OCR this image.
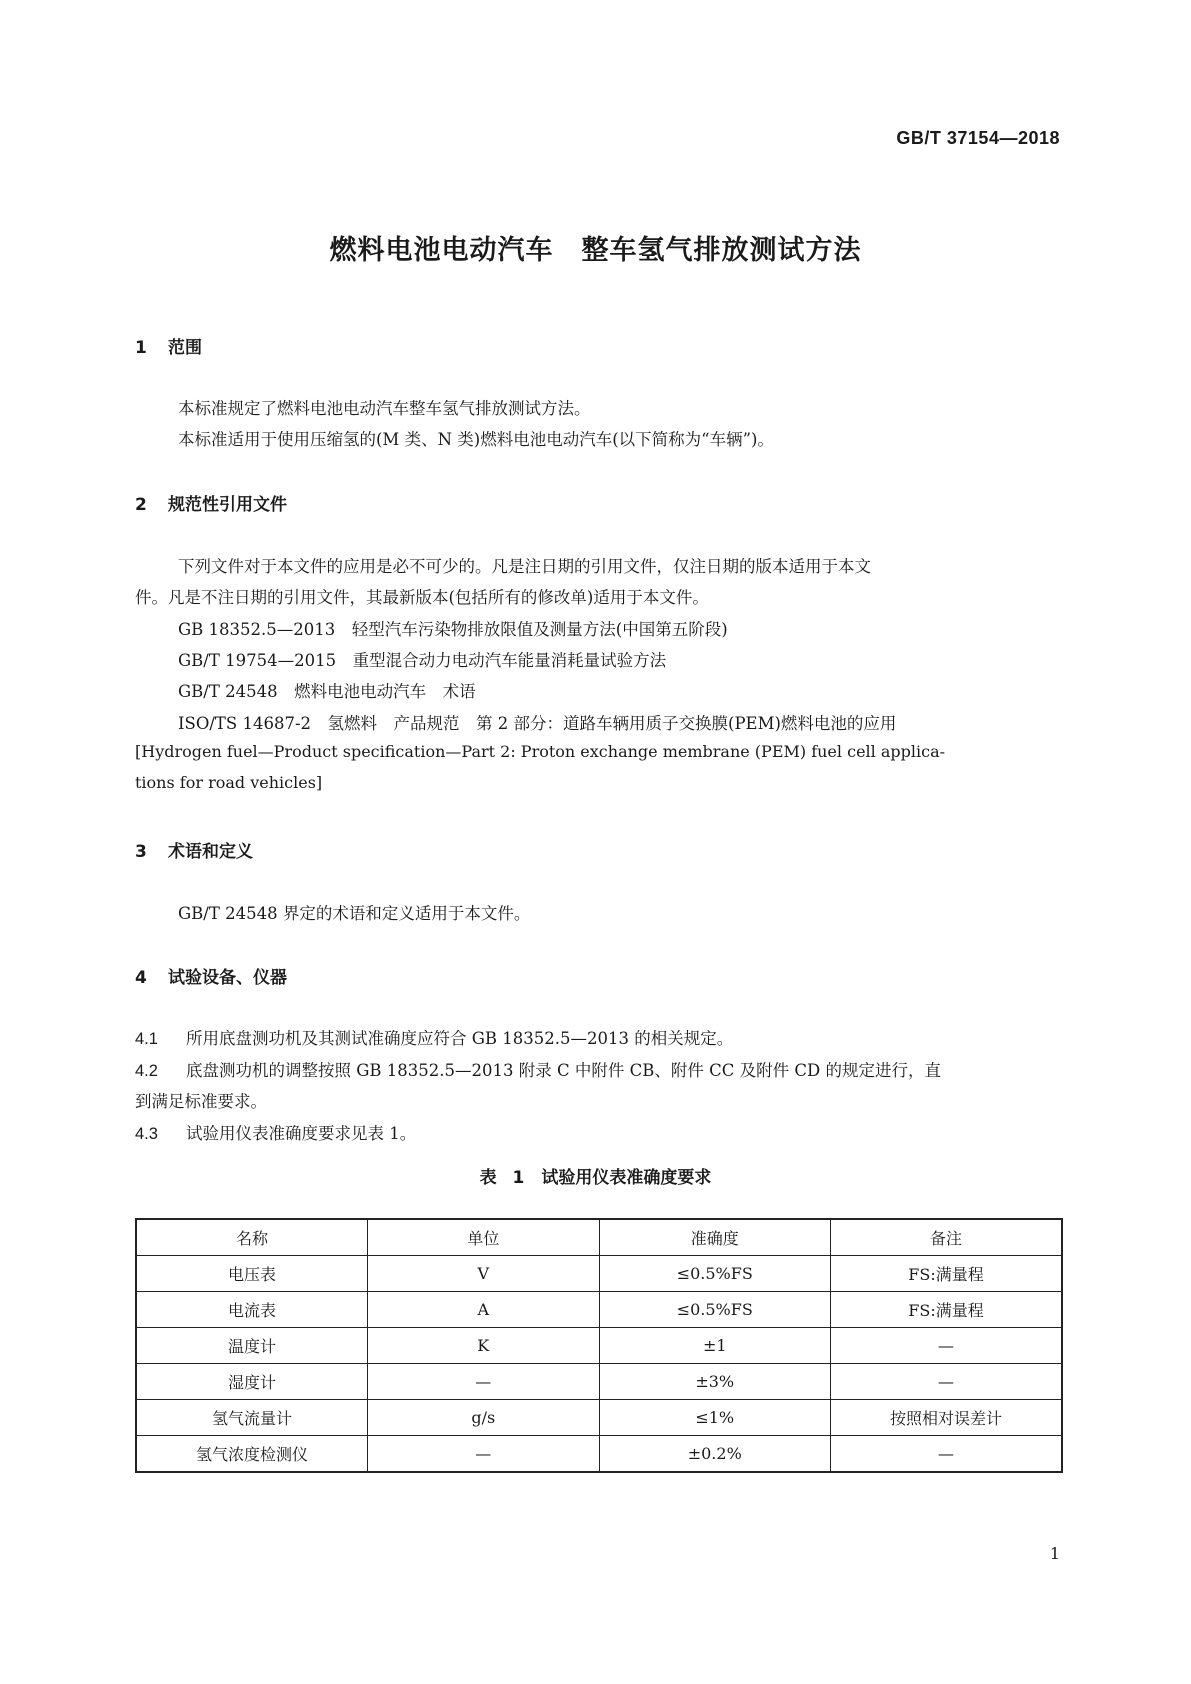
GB/T 37154—2018
燃料电池电动汽车　整车氢气排放测试方法
1 范围
本标准规定了燃料电池电动汽车整车氢气排放测试方法。
本标准适用于使用压缩氢的(M 类、N 类)燃料电池电动汽车(以下简称为“车辆”)。
2 规范性引用文件
下列文件对于本文件的应用是必不可少的。凡是注日期的引用文件，仅注日期的版本适用于本文
件。凡是不注日期的引用文件，其最新版本(包括所有的修改单)适用于本文件。
GB 18352.5—2013　轻型汽车污染物排放限值及测量方法(中国第五阶段)
GB/T 19754—2015　重型混合动力电动汽车能量消耗量试验方法
GB/T 24548　燃料电池电动汽车　术语
ISO/TS 14687-2　氢燃料　产品规范　第 2 部分：道路车辆用质子交换膜(PEM)燃料电池的应用
[Hydrogen fuel—Product specification—Part 2: Proton exchange membrane (PEM) fuel cell applica-
tions for road vehicles]
3 术语和定义
GB/T 24548 界定的术语和定义适用于本文件。
4 试验设备、仪器
4.1 所用底盘测功机及其测试准确度应符合 GB 18352.5—2013 的相关规定。
4.2 底盘测功机的调整按照 GB 18352.5—2013 附录 C 中附件 CB、附件 CC 及附件 CD 的规定进行，直
到满足标准要求。
4.3 试验用仪表准确度要求见表 1。
表 1　试验用仪表准确度要求
名称	单位	准确度	备注
电压表	V	≤0.5%FS	FS:满量程
电流表	A	≤0.5%FS	FS:满量程
温度计	K	±1	—
湿度计	—	±3%	—
氢气流量计	g/s	≤1%	按照相对误差计
氢气浓度检测仪	—	±0.2%	—
1
